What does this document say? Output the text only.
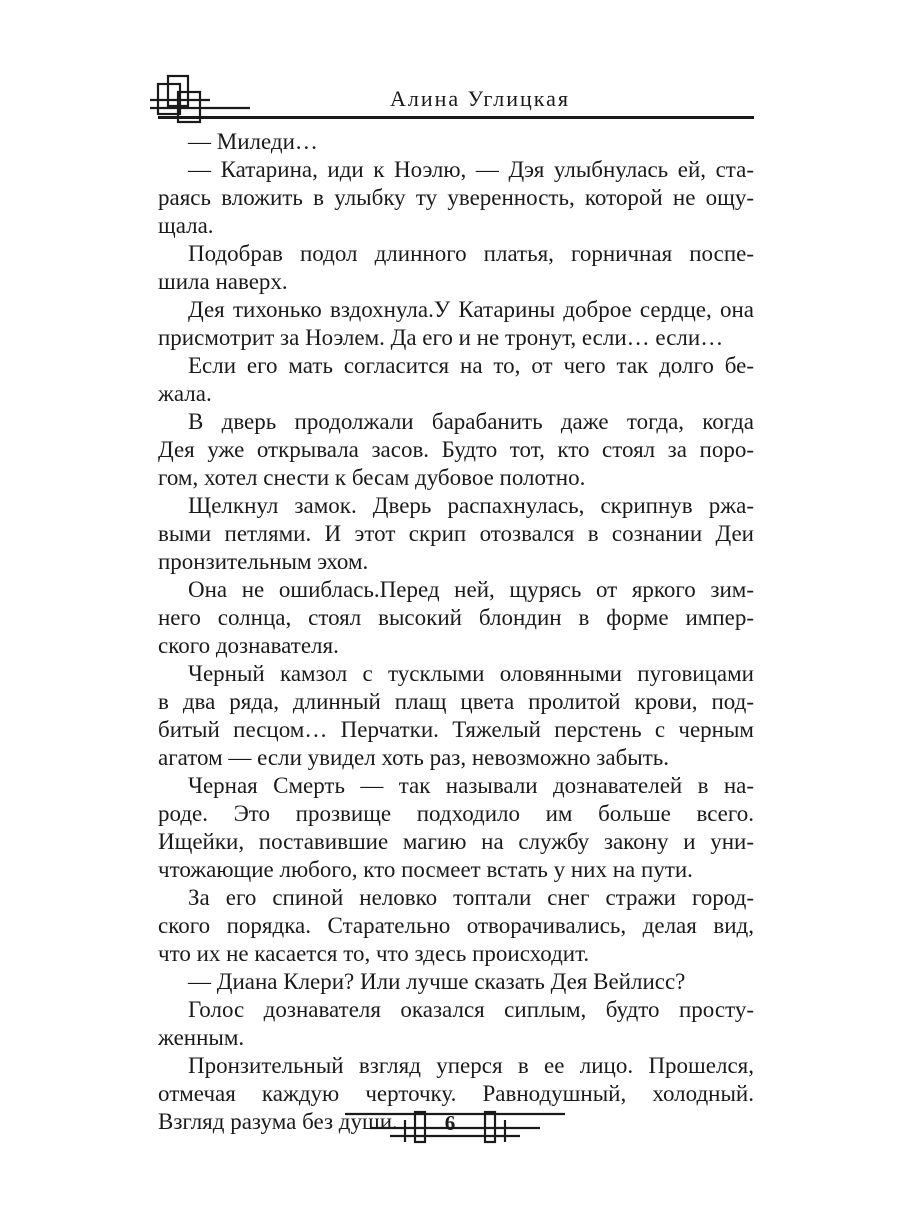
Алина Углицкая

— Миледи…

— Катарина, иди к Ноэлю, — Дэя улыбнулась ей, ста-
раясь вложить в улыбку ту уверенность, которой не ощу-
щала.

Подобрав подол длинного платья, горничная поспе-
шила наверх.

Дея тихонько вздохнула.У Катарины доброе сердце, она
присмотрит за Ноэлем. Да его и не тронут, если… если…

Если его мать согласится на то, от чего так долго бе-
жала.

В дверь продолжали барабанить даже тогда, когда
Дея уже открывала засов. Будто тот, кто стоял за поро-
гом, хотел снести к бесам дубовое полотно.

Щелкнул замок. Дверь распахнулась, скрипнув ржа-
выми петлями. И этот скрип отозвался в сознании Деи
пронзительным эхом.

Она не ошиблась.Перед ней, щурясь от яркого зим-
него солнца, стоял высокий блондин в форме импер-
ского дознавателя.

Черный камзол с тусклыми оловянными пуговицами
в два ряда, длинный плащ цвета пролитой крови, под-
битый песцом… Перчатки. Тяжелый перстень с черным
агатом — если увидел хоть раз, невозможно забыть.

Черная Смерть — так называли дознавателей в на-
роде. Это прозвище подходило им больше всего.
Ищейки, поставившие магию на службу закону и уни-
чтожающие любого, кто посмеет встать у них на пути.

За его спиной неловко топтали снег стражи город-
ского порядка. Старательно отворачивались, делая вид,
что их не касается то, что здесь происходит.

— Диана Клери? Или лучше сказать Дея Вейлисс?

Голос дознавателя оказался сиплым, будто просту-
женным.

Пронзительный взгляд уперся в ее лицо. Прошелся,
отмечая каждую черточку. Равнодушный, холодный.
Взгляд разума без души.	6
